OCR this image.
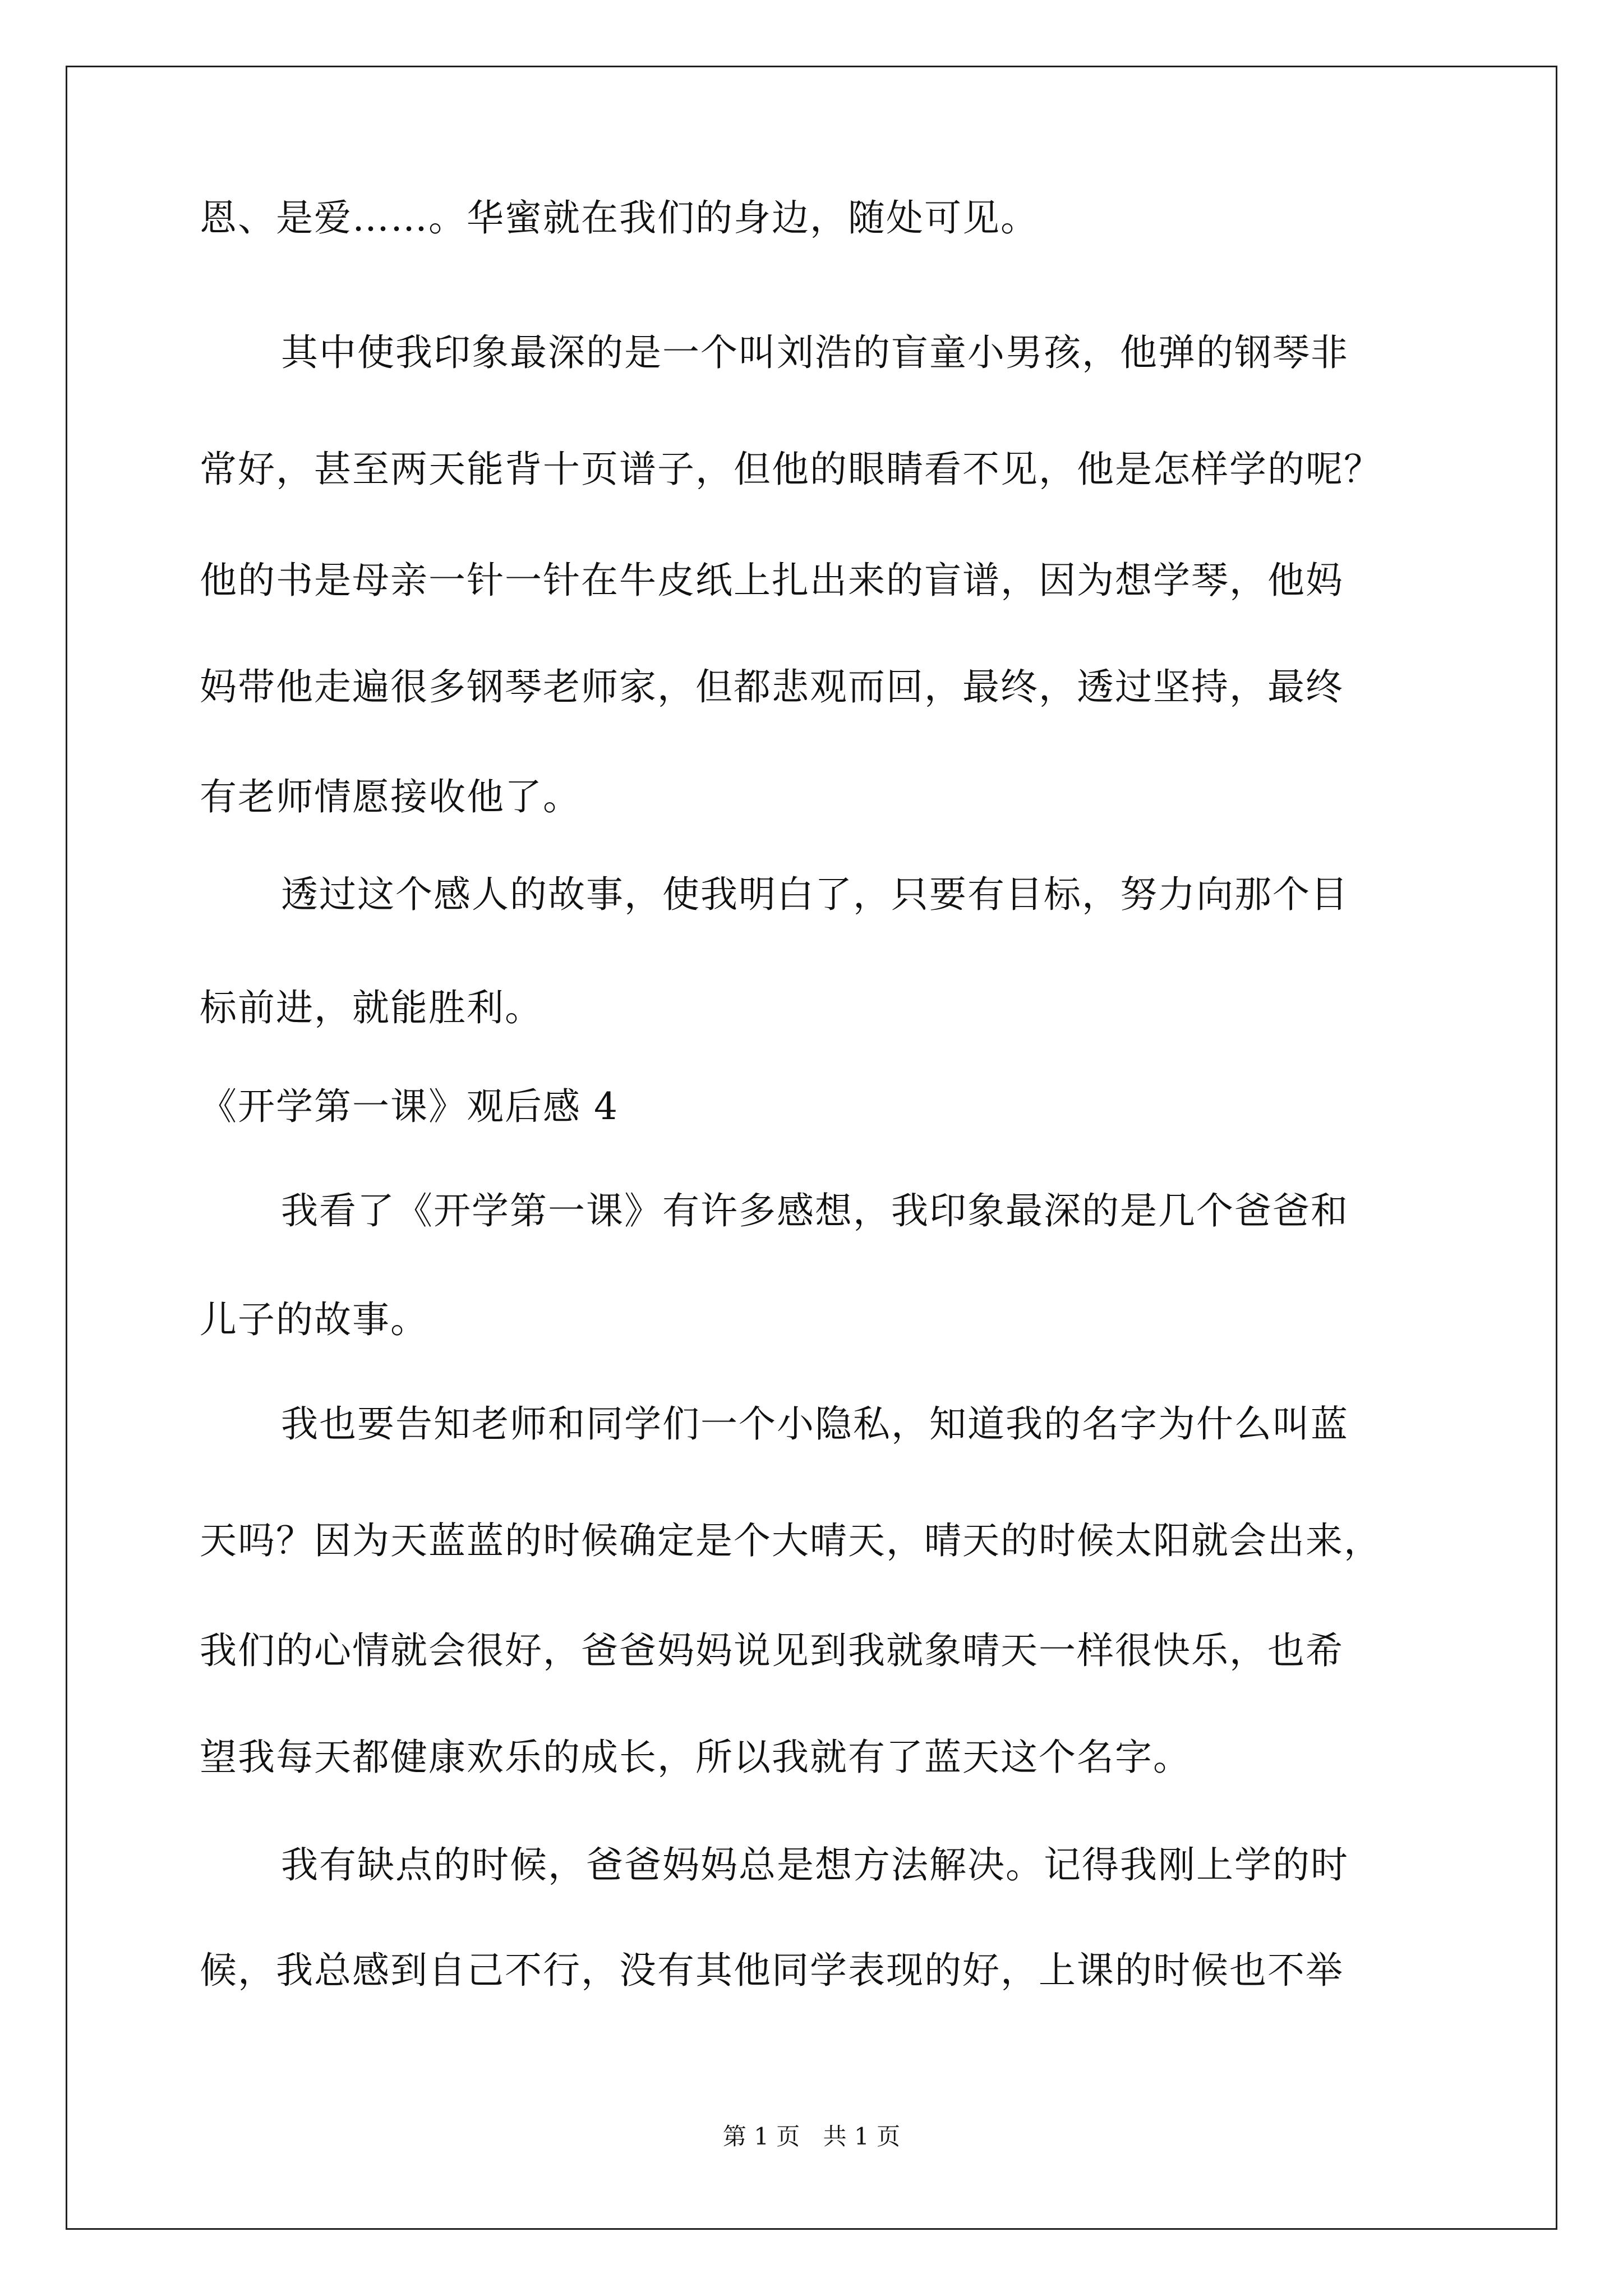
恩、是爱……。华蜜就在我们的身边，随处可见。

其中使我印象最深的是一个叫刘浩的盲童小男孩，他弹的钢琴非

常好，甚至两天能背十页谱子，但他的眼睛看不见，他是怎样学的呢？

他的书是母亲一针一针在牛皮纸上扎出来的盲谱，因为想学琴，他妈

妈带他走遍很多钢琴老师家，但都悲观而回，最终，透过坚持，最终

有老师情愿接收他了。

透过这个感人的故事，使我明白了，只要有目标，努力向那个目

标前进，就能胜利。

《开学第一课》观后感 4

我看了《开学第一课》有许多感想，我印象最深的是几个爸爸和

儿子的故事。

我也要告知老师和同学们一个小隐私，知道我的名字为什么叫蓝

天吗？因为天蓝蓝的时候确定是个大晴天，晴天的时候太阳就会出来，

我们的心情就会很好，爸爸妈妈说见到我就象晴天一样很快乐，也希

望我每天都健康欢乐的成长，所以我就有了蓝天这个名字。

我有缺点的时候，爸爸妈妈总是想方法解决。记得我刚上学的时

候，我总感到自己不行，没有其他同学表现的好，上课的时候也不举

第 1 页 共 1 页
